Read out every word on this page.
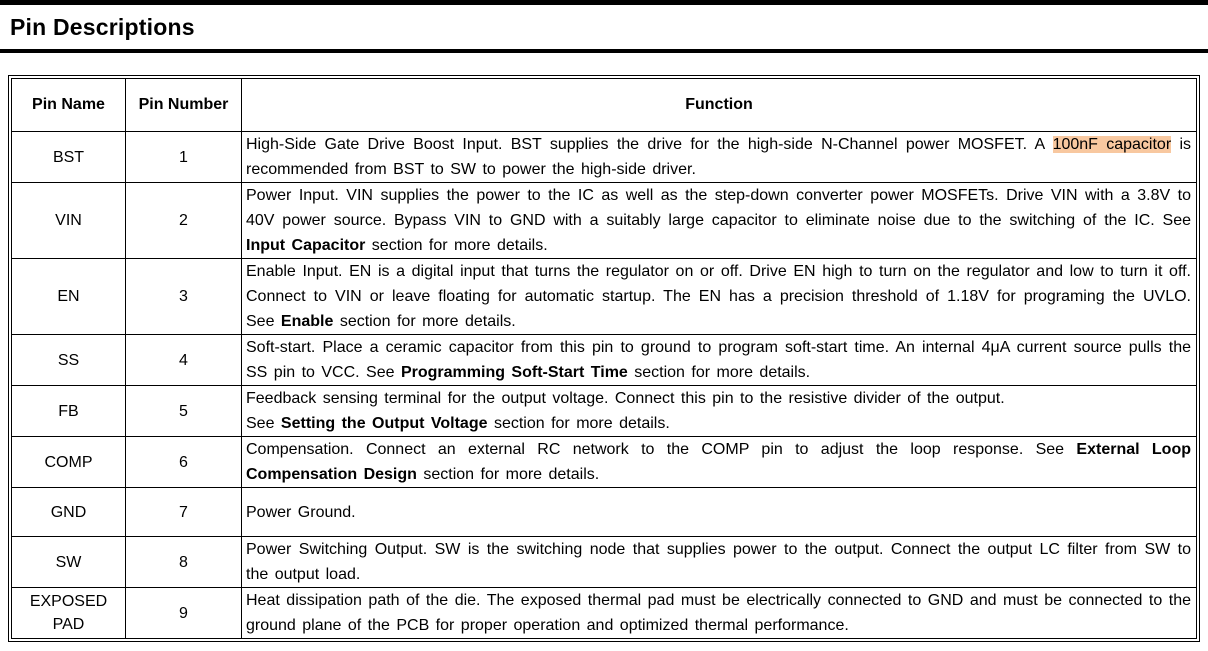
Pin Descriptions
Pin Name	Pin Number	Function
BST	1	High-Side Gate Drive Boost Input. BST supplies the drive for the high-side N-Channel power MOSFET. A 100nF capacitor is recommended from BST to SW to power the high-side driver.
VIN	2	Power Input. VIN supplies the power to the IC as well as the step-down converter power MOSFETs. Drive VIN with a 3.8V to 40V power source. Bypass VIN to GND with a suitably large capacitor to eliminate noise due to the switching of the IC. See Input Capacitor section for more details.
EN	3	Enable Input. EN is a digital input that turns the regulator on or off. Drive EN high to turn on the regulator and low to turn it off. Connect to VIN or leave floating for automatic startup. The EN has a precision threshold of 1.18V for programing the UVLO. See Enable section for more details.
SS	4	Soft-start. Place a ceramic capacitor from this pin to ground to program soft-start time. An internal 4μA current source pulls the SS pin to VCC. See Programming Soft-Start Time section for more details.
FB	5	Feedback sensing terminal for the output voltage. Connect this pin to the resistive divider of the output.
See Setting the Output Voltage section for more details.
COMP	6	Compensation. Connect an external RC network to the COMP pin to adjust the loop response. See External Loop Compensation Design section for more details.
GND	7	Power Ground.
SW	8	Power Switching Output. SW is the switching node that supplies power to the output. Connect the output LC filter from SW to the output load.
EXPOSED PAD	9	Heat dissipation path of the die. The exposed thermal pad must be electrically connected to GND and must be connected to the ground plane of the PCB for proper operation and optimized thermal performance.
